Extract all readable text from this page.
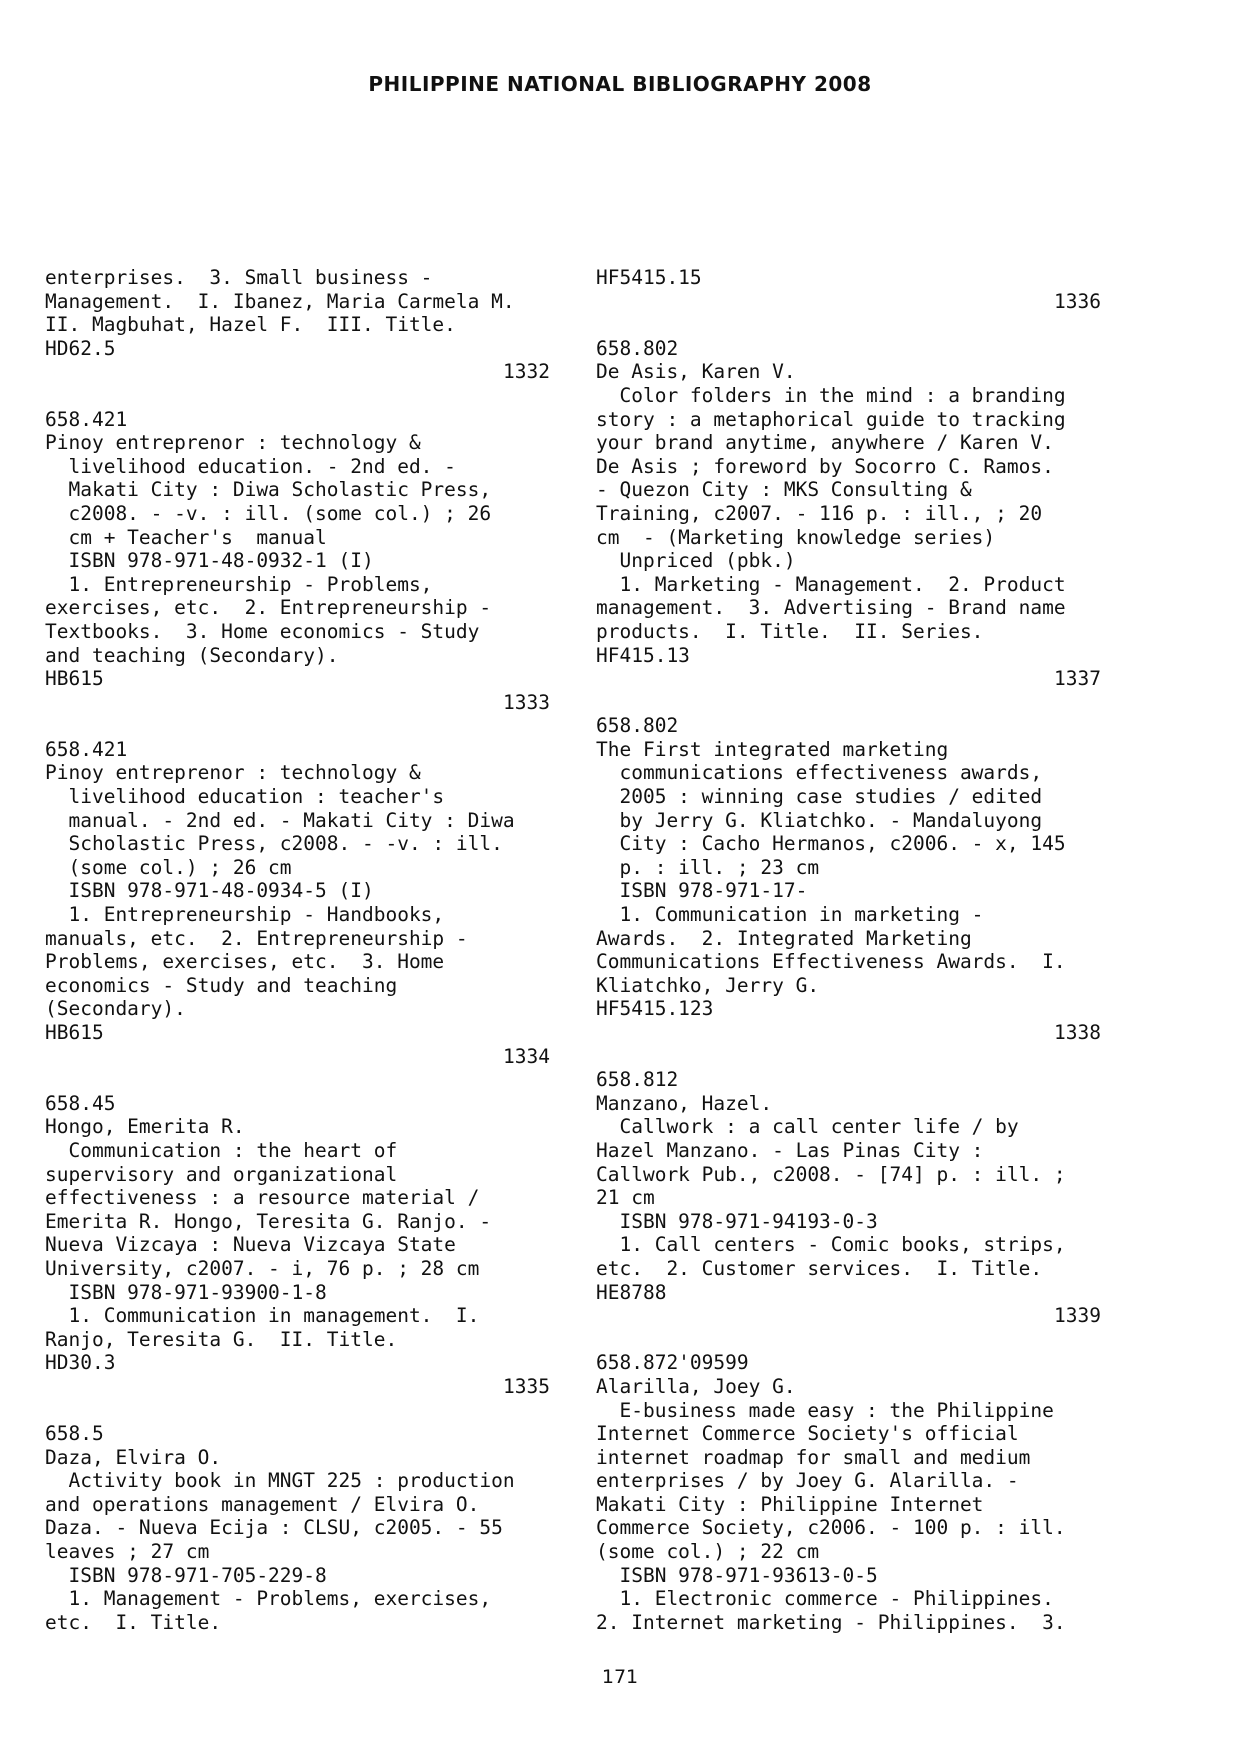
PHILIPPINE NATIONAL BIBLIOGRAPHY 2008
enterprises.  3. Small business -
Management.  I. Ibanez, Maria Carmela M.
II. Magbuhat, Hazel F.  III. Title.
HD62.5
1332
658.421
Pinoy entreprenor : technology &
livelihood education. - 2nd ed. -
Makati City : Diwa Scholastic Press,
c2008. - -v. : ill. (some col.) ; 26
cm + Teacher's  manual
ISBN 978-971-48-0932-1 (I)
1. Entrepreneurship - Problems,
exercises, etc.  2. Entrepreneurship -
Textbooks.  3. Home economics - Study
and teaching (Secondary).
HB615
1333
658.421
Pinoy entreprenor : technology &
livelihood education : teacher's
manual. - 2nd ed. - Makati City : Diwa
Scholastic Press, c2008. - -v. : ill.
(some col.) ; 26 cm
ISBN 978-971-48-0934-5 (I)
1. Entrepreneurship - Handbooks,
manuals, etc.  2. Entrepreneurship -
Problems, exercises, etc.  3. Home
economics - Study and teaching
(Secondary).
HB615
1334
658.45
Hongo, Emerita R.
Communication : the heart of
supervisory and organizational
effectiveness : a resource material /
Emerita R. Hongo, Teresita G. Ranjo. -
Nueva Vizcaya : Nueva Vizcaya State
University, c2007. - i, 76 p. ; 28 cm
ISBN 978-971-93900-1-8
1. Communication in management.  I.
Ranjo, Teresita G.  II. Title.
HD30.3
1335
658.5
Daza, Elvira O.
Activity book in MNGT 225 : production
and operations management / Elvira O.
Daza. - Nueva Ecija : CLSU, c2005. - 55
leaves ; 27 cm
ISBN 978-971-705-229-8
1. Management - Problems, exercises,
etc.  I. Title.
HF5415.15
1336
658.802
De Asis, Karen V.
Color folders in the mind : a branding
story : a metaphorical guide to tracking
your brand anytime, anywhere / Karen V.
De Asis ; foreword by Socorro C. Ramos.
- Quezon City : MKS Consulting &
Training, c2007. - 116 p. : ill., ; 20
cm  - (Marketing knowledge series)
Unpriced (pbk.)
1. Marketing - Management.  2. Product
management.  3. Advertising - Brand name
products.  I. Title.  II. Series.
HF415.13
1337
658.802
The First integrated marketing
communications effectiveness awards,
2005 : winning case studies / edited
by Jerry G. Kliatchko. - Mandaluyong
City : Cacho Hermanos, c2006. - x, 145
p. : ill. ; 23 cm
ISBN 978-971-17-
1. Communication in marketing -
Awards.  2. Integrated Marketing
Communications Effectiveness Awards.  I.
Kliatchko, Jerry G.
HF5415.123
1338
658.812
Manzano, Hazel.
Callwork : a call center life / by
Hazel Manzano. - Las Pinas City :
Callwork Pub., c2008. - [74] p. : ill. ;
21 cm
ISBN 978-971-94193-0-3
1. Call centers - Comic books, strips,
etc.  2. Customer services.  I. Title.
HE8788
1339
658.872'09599
Alarilla, Joey G.
E-business made easy : the Philippine
Internet Commerce Society's official
internet roadmap for small and medium
enterprises / by Joey G. Alarilla. -
Makati City : Philippine Internet
Commerce Society, c2006. - 100 p. : ill.
(some col.) ; 22 cm
ISBN 978-971-93613-0-5
1. Electronic commerce - Philippines.
2. Internet marketing - Philippines.  3.
171
